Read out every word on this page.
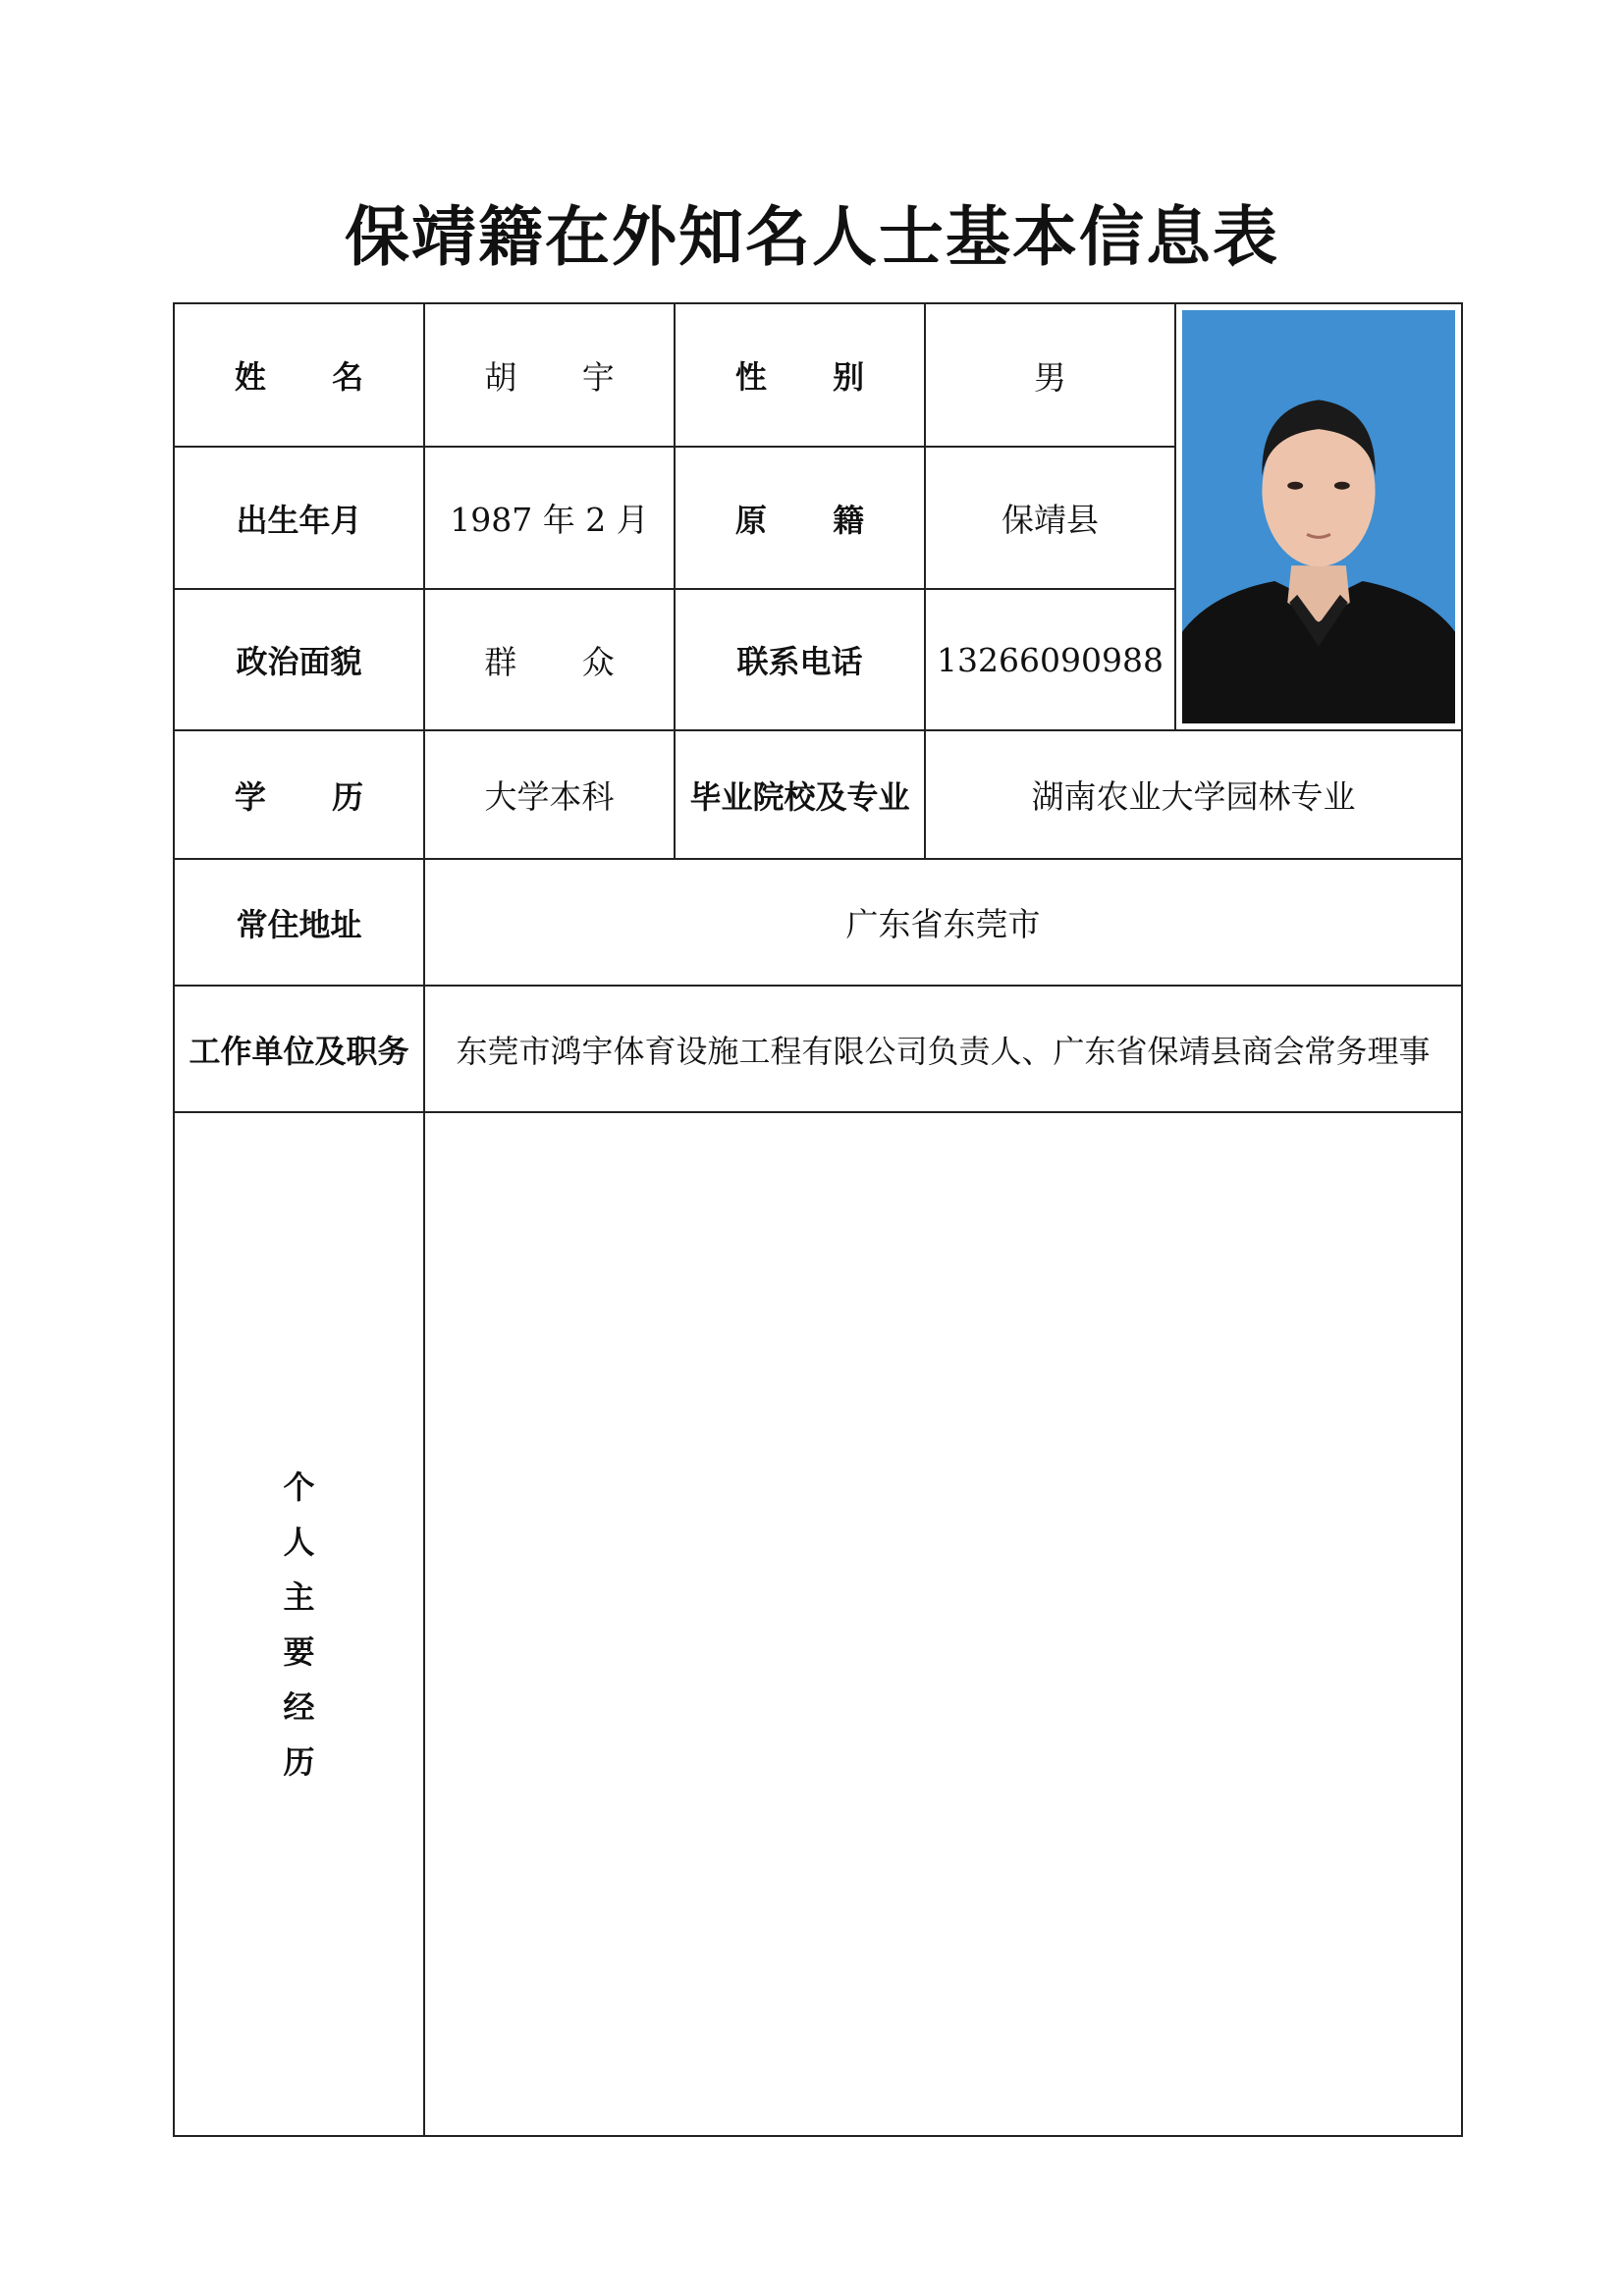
保靖籍在外知名人士基本信息表
姓 名	胡 宇	性 别	男
出生年月	1987 年 2 月	原 籍	保靖县
政治面貌	群 众	联系电话	13266090988
学 历	大学本科	毕业院校及专业	湖南农业大学园林专业
常住地址	广东省东莞市
工作单位及职务	东莞市鸿宇体育设施工程有限公司负责人、广东省保靖县商会常务理事
个
人
主
要
经
历
